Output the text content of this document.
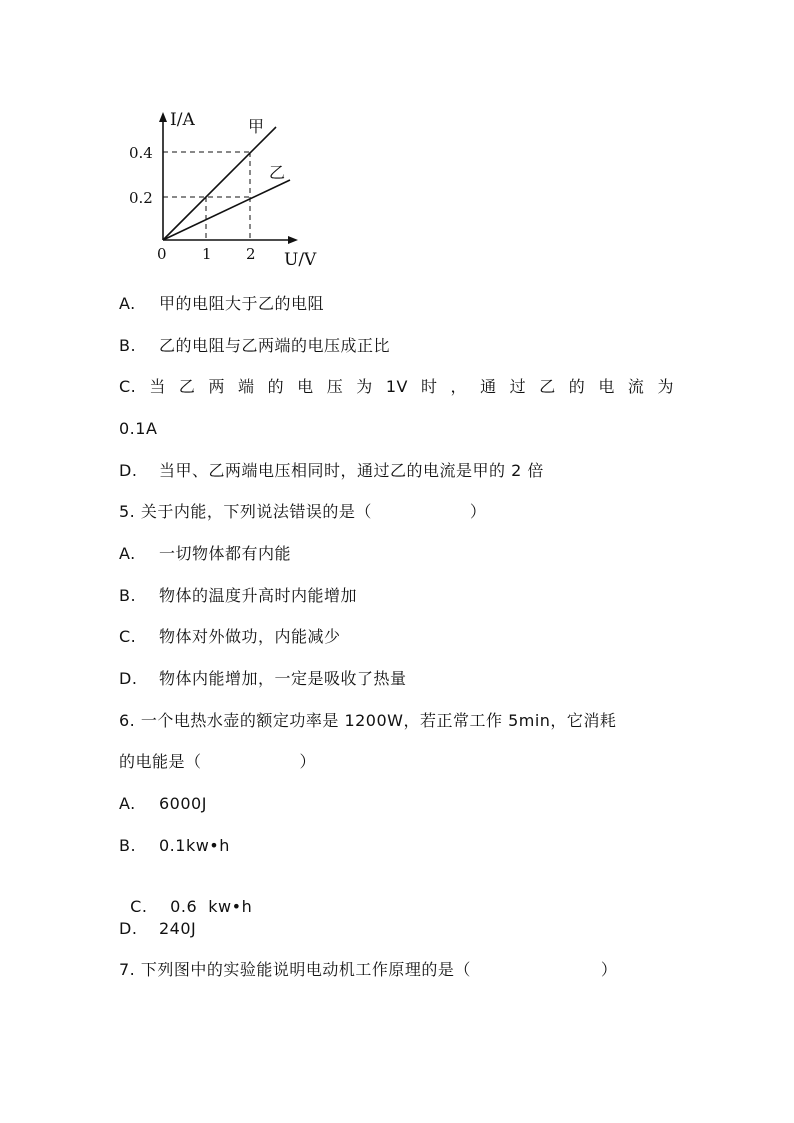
I/A
U/V
0 1 2
0.4
0.2
甲
乙
A. 甲的电阻大于乙的电阻
B. 乙的电阻与乙两端的电压成正比
C. 当 乙 两 端 的 电 压 为 1V 时 ， 通 过 乙 的 电 流 为
0.1A
D. 当甲、乙两端电压相同时，通过乙的电流是甲的 2 倍
5. 关于内能，下列说法错误的是（	）
A. 一切物体都有内能
B. 物体的温度升高时内能增加
C. 物体对外做功，内能减少
D. 物体内能增加，一定是吸收了热量
6. 一个电热水壶的额定功率是 1200W，若正常工作 5min，它消耗
的电能是（	）
A. 6000J
B. 0.1kw•h

C. 0.6  kw•h

D. 240J
7. 下列图中的实验能说明电动机工作原理的是（	）
